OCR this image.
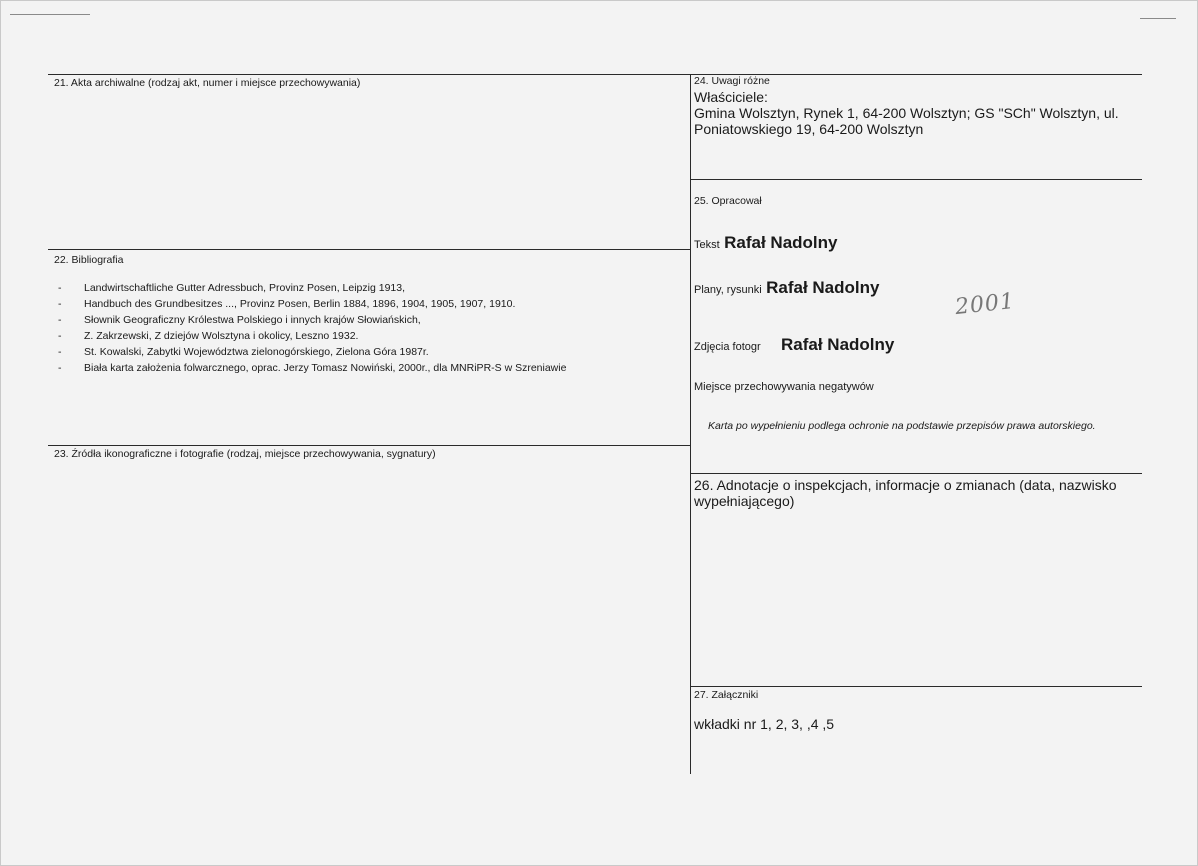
21. Akta archiwalne (rodzaj akt, numer i miejsce przechowywania)
22. Bibliografia
- Landwirtschaftliche Gutter Adressbuch, Provinz Posen, Leipzig 1913,
- Handbuch des Grundbesitzes ..., Provinz Posen, Berlin 1884, 1896, 1904, 1905, 1907, 1910.
- Słownik Geograficzny Królestwa Polskiego i innych krajów Słowiańskich,
- Z. Zakrzewski, Z dziejów Wolsztyna i okolicy, Leszno 1932.
- St. Kowalski, Zabytki Województwa zielonogórskiego, Zielona Góra 1987r.
- Biała karta założenia folwarcznego, oprac. Jerzy Tomasz Nowiński, 2000r., dla MNRiPR-S w Szreniawie
23. Źródła ikonograficzne i fotografie (rodzaj, miejsce przechowywania, sygnatury)
24. Uwagi różne
Właściciele:
Gmina Wolsztyn, Rynek 1, 64-200 Wolsztyn; GS "SCh" Wolsztyn, ul.
Poniatowskiego 19, 64-200 Wolsztyn
25. Opracował
Tekst Rafał Nadolny
Plany, rysunki Rafał Nadolny
Zdjęcia fotogr Rafał Nadolny
Miejsce przechowywania negatywów
Karta po wypełnieniu podlega ochronie na podstawie przepisów prawa autorskiego.
2001
26. Adnotacje o inspekcjach, informacje o zmianach (data, nazwisko
wypełniającego)
27. Załączniki
wkładki nr 1, 2, 3, ,4 ,5
